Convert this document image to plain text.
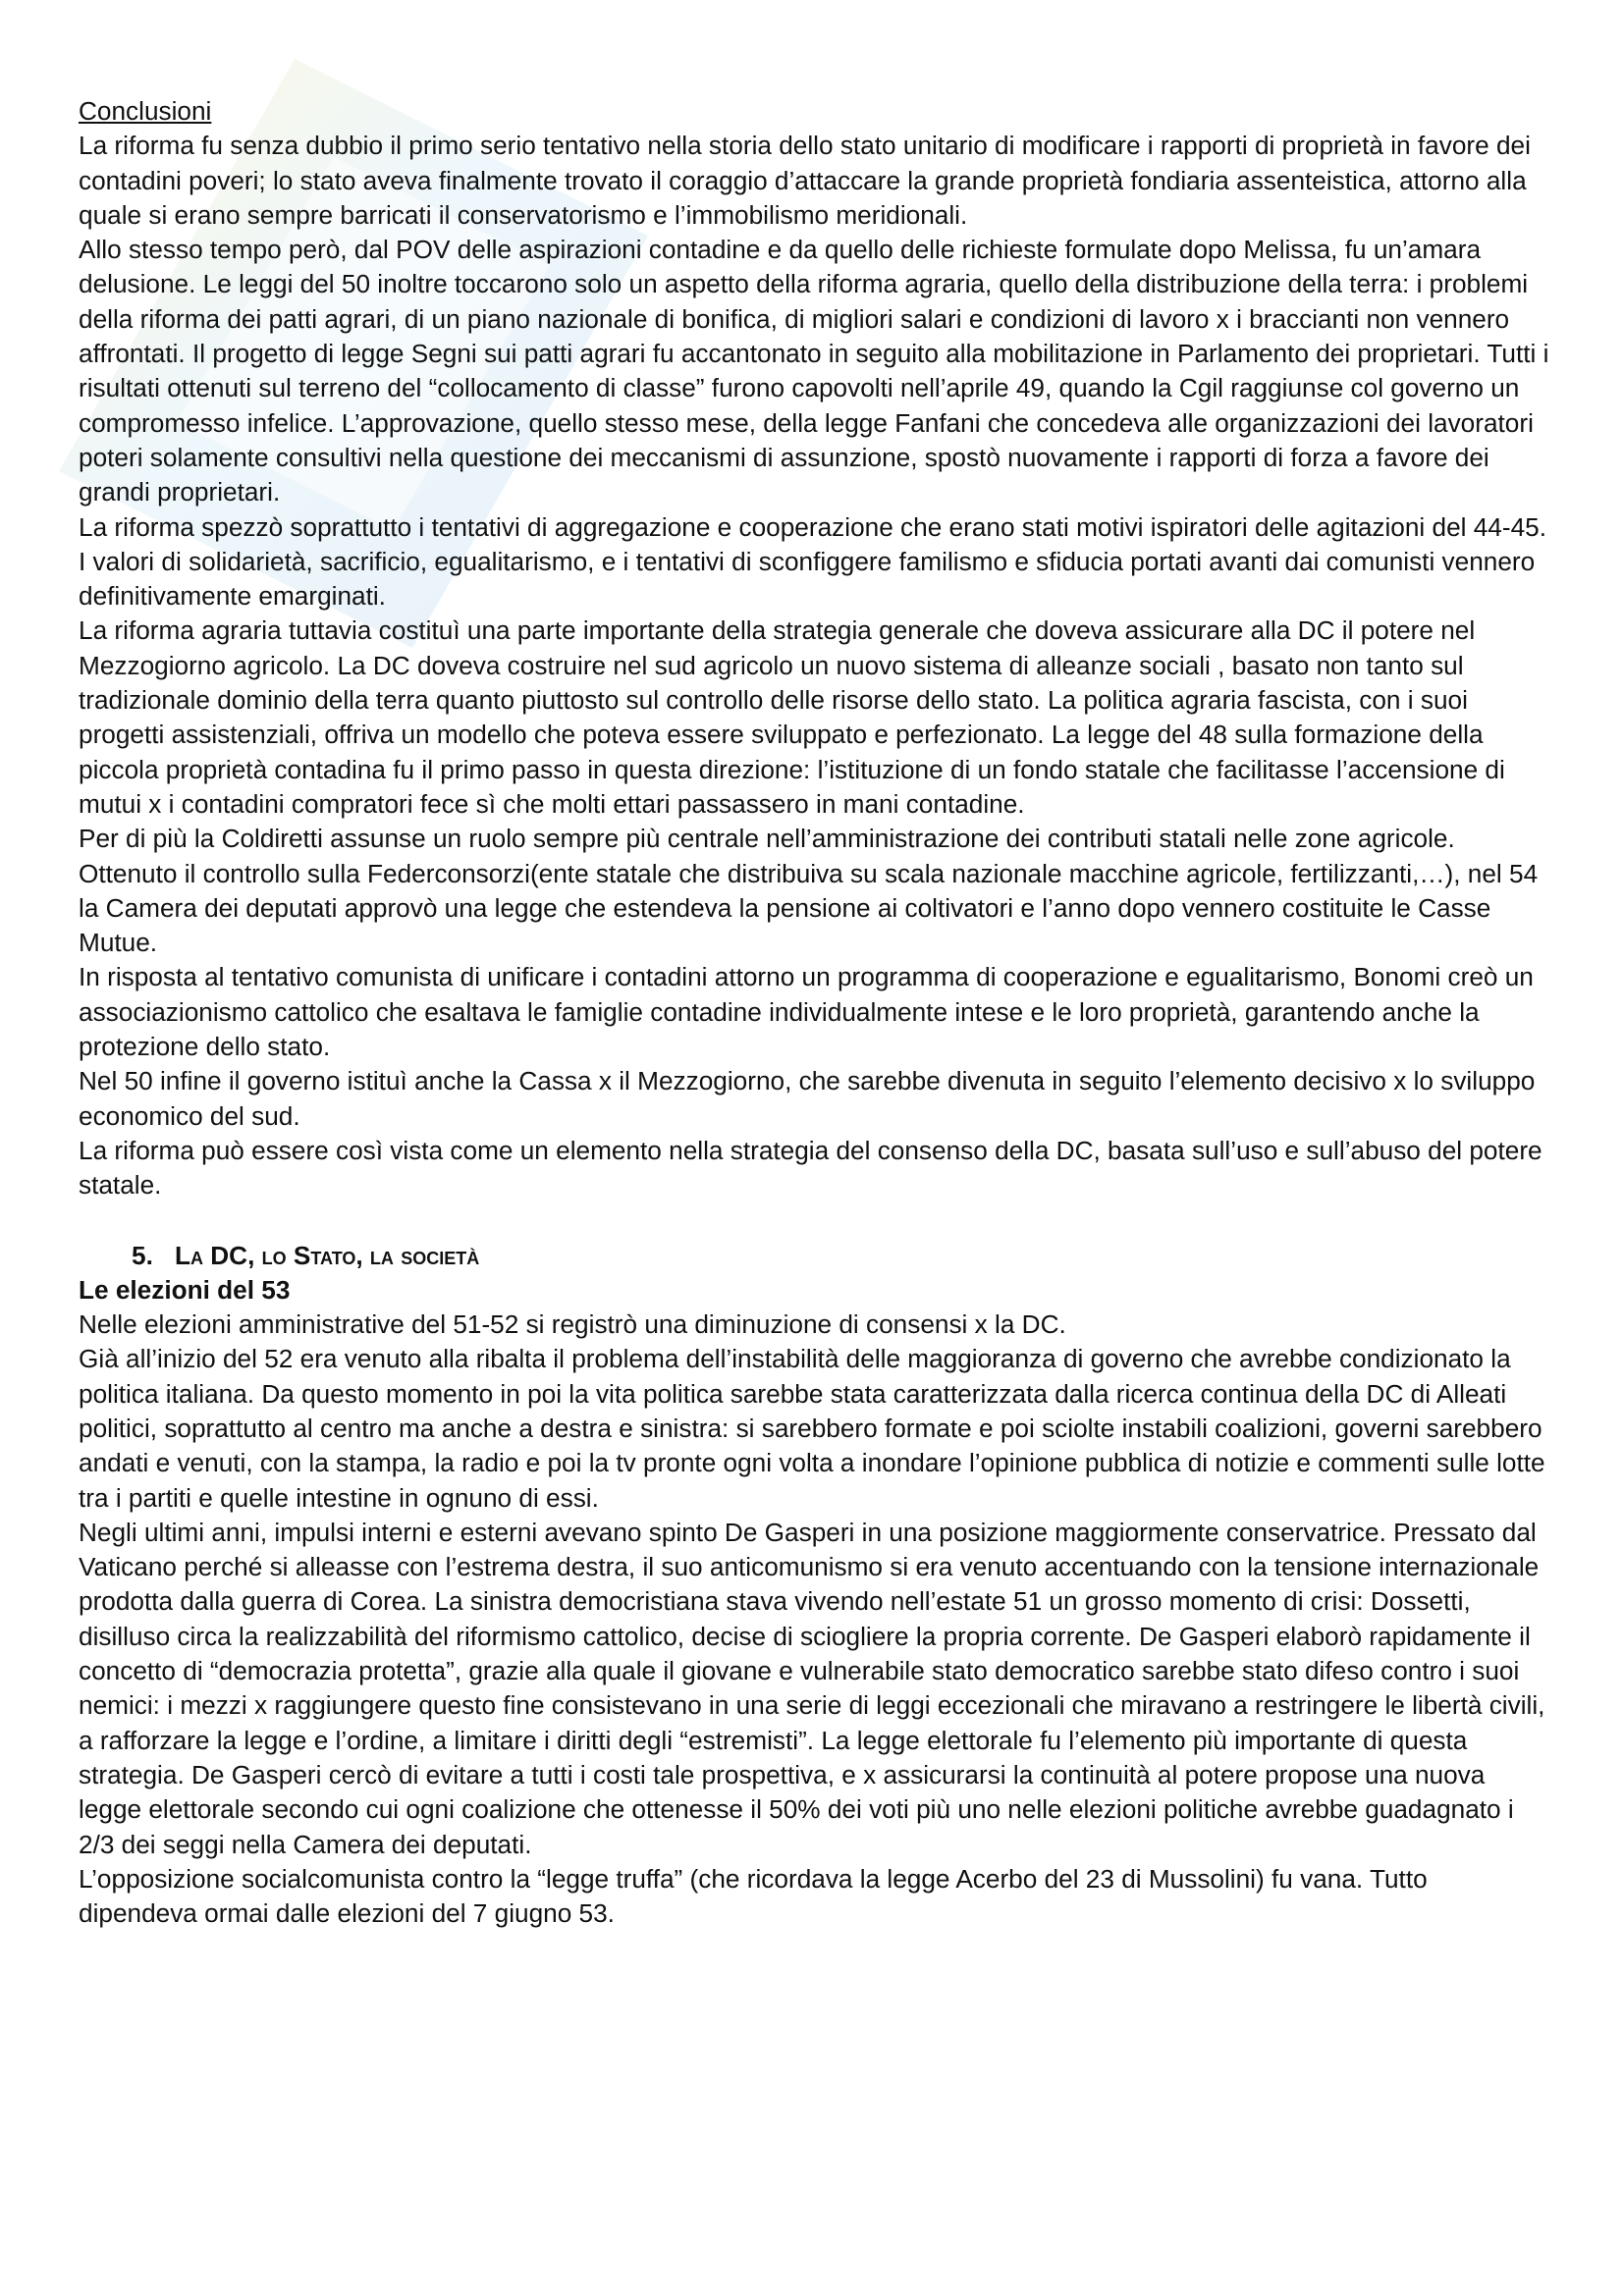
Conclusioni

La riforma fu senza dubbio il primo serio tentativo nella storia dello stato unitario di modificare i rapporti di proprietà in favore dei contadini poveri; lo stato aveva finalmente trovato il coraggio d’attaccare la grande proprietà fondiaria assenteistica, attorno alla quale si erano sempre barricati il conservatorismo e l’immobilismo meridionali.

Allo stesso tempo però, dal POV delle aspirazioni contadine e da quello delle richieste formulate dopo Melissa, fu un’amara delusione. Le leggi del 50 inoltre toccarono solo un aspetto della riforma agraria, quello della distribuzione della terra: i problemi della riforma dei patti agrari, di un piano nazionale di bonifica, di migliori salari e condizioni di lavoro x i braccianti non vennero affrontati. Il progetto di legge Segni sui patti agrari fu accantonato in seguito alla mobilitazione in Parlamento dei proprietari. Tutti i risultati ottenuti sul terreno del “collocamento di classe” furono capovolti nell’aprile 49, quando la Cgil raggiunse col governo un compromesso infelice. L’approvazione, quello stesso mese, della legge Fanfani che concedeva alle organizzazioni dei lavoratori poteri solamente consultivi nella questione dei meccanismi di assunzione, spostò nuovamente i rapporti di forza a favore dei grandi proprietari.

La riforma spezzò soprattutto i tentativi di aggregazione e cooperazione che erano stati motivi ispiratori delle agitazioni del 44-45. I valori di solidarietà, sacrificio, egualitarismo, e i tentativi di sconfiggere familismo e sfiducia portati avanti dai comunisti vennero definitivamente emarginati.

La riforma agraria tuttavia costituì una parte importante della strategia generale che doveva assicurare alla DC il potere nel Mezzogiorno agricolo. La DC doveva costruire nel sud agricolo un nuovo sistema di alleanze sociali , basato non tanto sul tradizionale dominio della terra quanto piuttosto sul controllo delle risorse dello stato. La politica agraria fascista, con i suoi progetti assistenziali, offriva un modello che poteva essere sviluppato e perfezionato. La legge del 48 sulla formazione della piccola proprietà contadina fu il primo passo in questa direzione: l’istituzione di un fondo statale che facilitasse l’accensione di mutui x i contadini compratori fece sì che molti ettari passassero in mani contadine.

Per di più la Coldiretti assunse un ruolo sempre più centrale nell’amministrazione dei contributi statali nelle zone agricole. Ottenuto il controllo sulla Federconsorzi(ente statale che distribuiva su scala nazionale macchine agricole, fertilizzanti,…), nel 54 la Camera dei deputati approvò una legge che estendeva la pensione ai coltivatori e l’anno dopo vennero costituite le Casse Mutue.

In risposta al tentativo comunista di unificare i contadini attorno un programma di cooperazione e egualitarismo, Bonomi creò un associazionismo cattolico che esaltava le famiglie contadine individualmente intese e le loro proprietà, garantendo anche la protezione dello stato.

Nel 50 infine il governo istituì anche la Cassa x il Mezzogiorno, che sarebbe divenuta in seguito l’elemento decisivo x lo sviluppo economico del sud.

La riforma può essere così vista come un elemento nella strategia del consenso della DC, basata sull’uso e sull’abuso del potere statale.

5. La DC, lo Stato, la società

Le elezioni del 53

Nelle elezioni amministrative del 51-52 si registrò una diminuzione di consensi x la DC.

Già all’inizio del 52 era venuto alla ribalta il problema dell’instabilità delle maggioranza di governo che avrebbe condizionato la politica italiana. Da questo momento in poi la vita politica sarebbe stata caratterizzata dalla ricerca continua della DC di Alleati politici, soprattutto al centro ma anche a destra e sinistra: si sarebbero formate e poi sciolte instabili coalizioni, governi sarebbero andati e venuti, con la stampa, la radio e poi la tv pronte ogni volta a inondare l’opinione pubblica di notizie e commenti sulle lotte tra i partiti e quelle intestine in ognuno di essi.

Negli ultimi anni, impulsi interni e esterni avevano spinto De Gasperi in una posizione maggiormente conservatrice. Pressato dal Vaticano perché si alleasse con l’estrema destra, il suo anticomunismo si era venuto accentuando con la tensione internazionale prodotta dalla guerra di Corea. La sinistra democristiana stava vivendo nell’estate 51 un grosso momento di crisi: Dossetti, disilluso circa la realizzabilità del riformismo cattolico, decise di sciogliere la propria corrente. De Gasperi elaborò rapidamente il concetto di “democrazia protetta”, grazie alla quale il giovane e vulnerabile stato democratico sarebbe stato difeso contro i suoi nemici: i mezzi x raggiungere questo fine consistevano in una serie di leggi eccezionali che miravano a restringere le libertà civili, a rafforzare la legge e l’ordine, a limitare i diritti degli “estremisti”. La legge elettorale fu l’elemento più importante di questa strategia. De Gasperi cercò di evitare a tutti i costi tale prospettiva, e x assicurarsi la continuità al potere propose una nuova legge elettorale secondo cui ogni coalizione che ottenesse il 50% dei voti più uno nelle elezioni politiche avrebbe guadagnato i 2/3 dei seggi nella Camera dei deputati.

L’opposizione socialcomunista contro la “legge truffa” (che ricordava la legge Acerbo del 23 di Mussolini) fu vana. Tutto dipendeva ormai dalle elezioni del 7 giugno 53.
